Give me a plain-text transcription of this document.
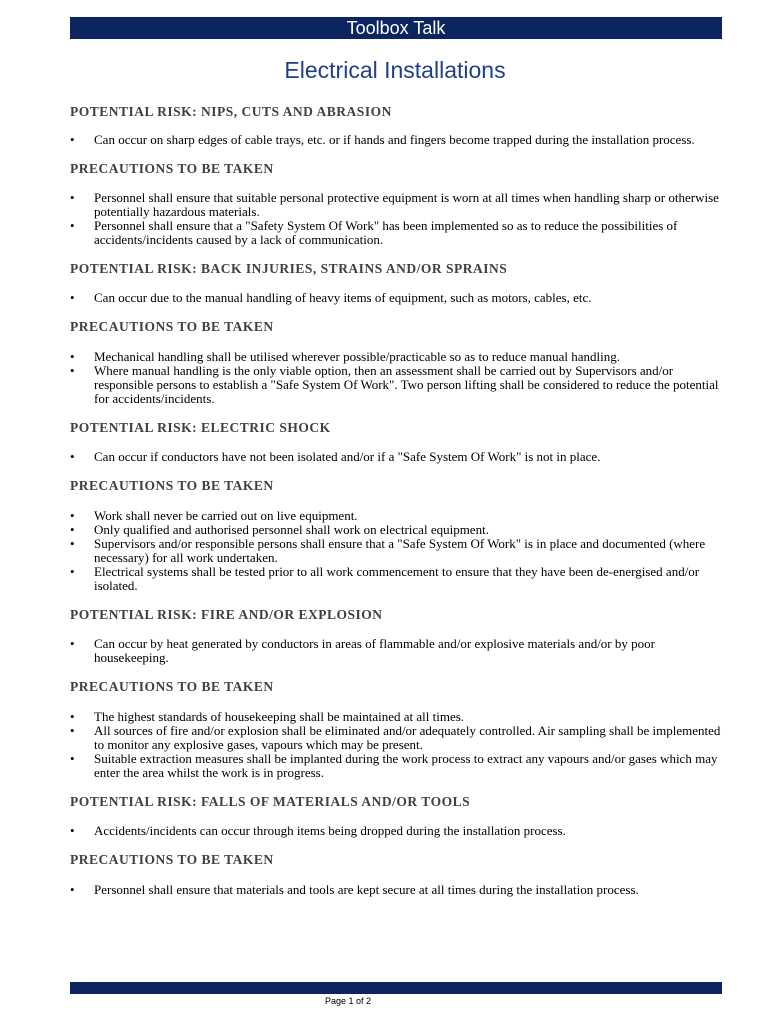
Toolbox Talk
Electrical Installations
POTENTIAL RISK: NIPS, CUTS AND ABRASION
• Can occur on sharp edges of cable trays, etc. or if hands and fingers become trapped during the installation process.
PRECAUTIONS TO BE TAKEN
• Personnel shall ensure that suitable personal protective equipment is worn at all times when handling sharp or otherwise potentially hazardous materials.
• Personnel shall ensure that a "Safety System Of Work" has been implemented so as to reduce the possibilities of accidents/incidents caused by a lack of communication.
POTENTIAL RISK: BACK INJURIES, STRAINS AND/OR SPRAINS
• Can occur due to the manual handling of heavy items of equipment, such as motors, cables, etc.
PRECAUTIONS TO BE TAKEN
• Mechanical handling shall be utilised wherever possible/practicable so as to reduce manual handling.
• Where manual handling is the only viable option, then an assessment shall be carried out by Supervisors and/or responsible persons to establish a "Safe System Of Work". Two person lifting shall be considered to reduce the potential for accidents/incidents.
POTENTIAL RISK: ELECTRIC SHOCK
• Can occur if conductors have not been isolated and/or if a "Safe System Of Work" is not in place.
PRECAUTIONS TO BE TAKEN
• Work shall never be carried out on live equipment.
• Only qualified and authorised personnel shall work on electrical equipment.
• Supervisors and/or responsible persons shall ensure that a "Safe System Of Work" is in place and documented (where necessary) for all work undertaken.
• Electrical systems shall be tested prior to all work commencement to ensure that they have been de-energised and/or isolated.
POTENTIAL RISK: FIRE AND/OR EXPLOSION
• Can occur by heat generated by conductors in areas of flammable and/or explosive materials and/or by poor housekeeping.
PRECAUTIONS TO BE TAKEN
• The highest standards of housekeeping shall be maintained at all times.
• All sources of fire and/or explosion shall be eliminated and/or adequately controlled. Air sampling shall be implemented to monitor any explosive gases, vapours which may be present.
• Suitable extraction measures shall be implanted during the work process to extract any vapours and/or gases which may enter the area whilst the work is in progress.
POTENTIAL RISK: FALLS OF MATERIALS AND/OR TOOLS
• Accidents/incidents can occur through items being dropped during the installation process.
PRECAUTIONS TO BE TAKEN
• Personnel shall ensure that materials and tools are kept secure at all times during the installation process.
Page 1 of 2
